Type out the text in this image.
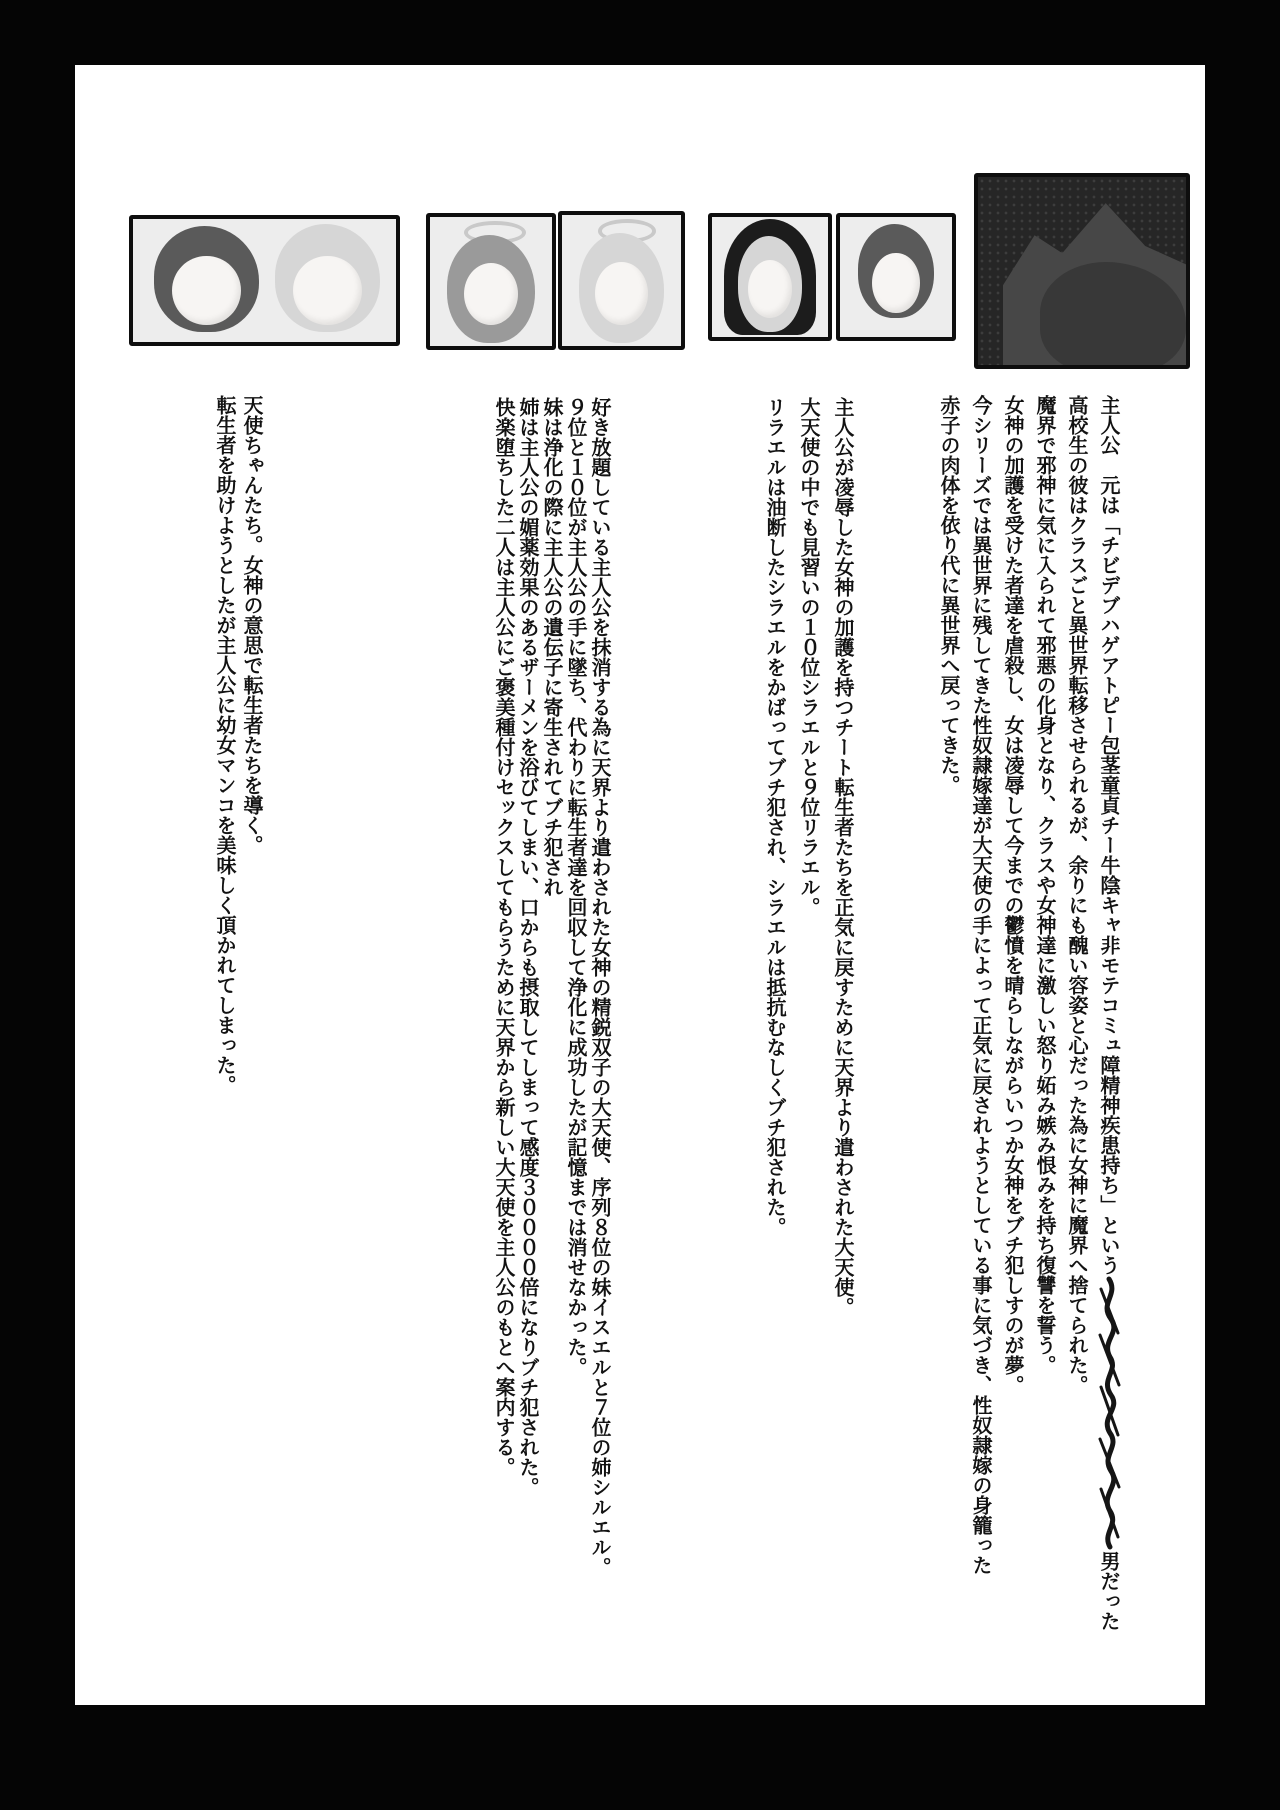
主人公　元は「チビデブハゲアトピー包茎童貞チー牛陰キャ非モテコミュ障精神疾患持ち」という
男だった

高校生の彼はクラスごと異世界転移させられるが、余りにも醜い容姿と心だった為に女神に魔界へ捨てられた。

魔界で邪神に気に入られて邪悪の化身となり、クラスや女神達に激しい怒り妬み嫉み恨みを持ち復讐を誓う。

女神の加護を受けた者達を虐殺し、女は凌辱して今までの鬱憤を晴らしながらいつか女神をブチ犯しすのが夢。

今シリーズでは異世界に残してきた性奴隷嫁達が大天使の手によって正気に戻されようとしている事に気づき、性奴隷嫁の身籠った

赤子の肉体を依り代に異世界へ戻ってきた。

主人公が凌辱した女神の加護を持つチート転生者たちを正気に戻すために天界より遣わされた大天使。

大天使の中でも見習いの１０位シラエルと９位リラエル。

リラエルは油断したシラエルをかばってブチ犯され、シラエルは抵抗むなしくブチ犯された。

好き放題している主人公を抹消する為に天界より遣わされた女神の精鋭双子の大天使、序列８位の妹イスエルと７位の姉シルエル。

９位と１０位が主人公の手に墜ち、代わりに転生者達を回収して浄化に成功したが記憶までは消せなかった。

妹は浄化の際に主人公の遺伝子に寄生されてブチ犯され

姉は主人公の媚薬効果のあるザーメンを浴びてしまい、口からも摂取してしまって感度３００００倍になりブチ犯された。

快楽堕ちした二人は主人公にご褒美種付けセックスしてもらうために天界から新しい大天使を主人公のもとへ案内する。

天使ちゃんたち。女神の意思で転生者たちを導く。

転生者を助けようとしたが主人公に幼女マンコを美味しく頂かれてしまった。
